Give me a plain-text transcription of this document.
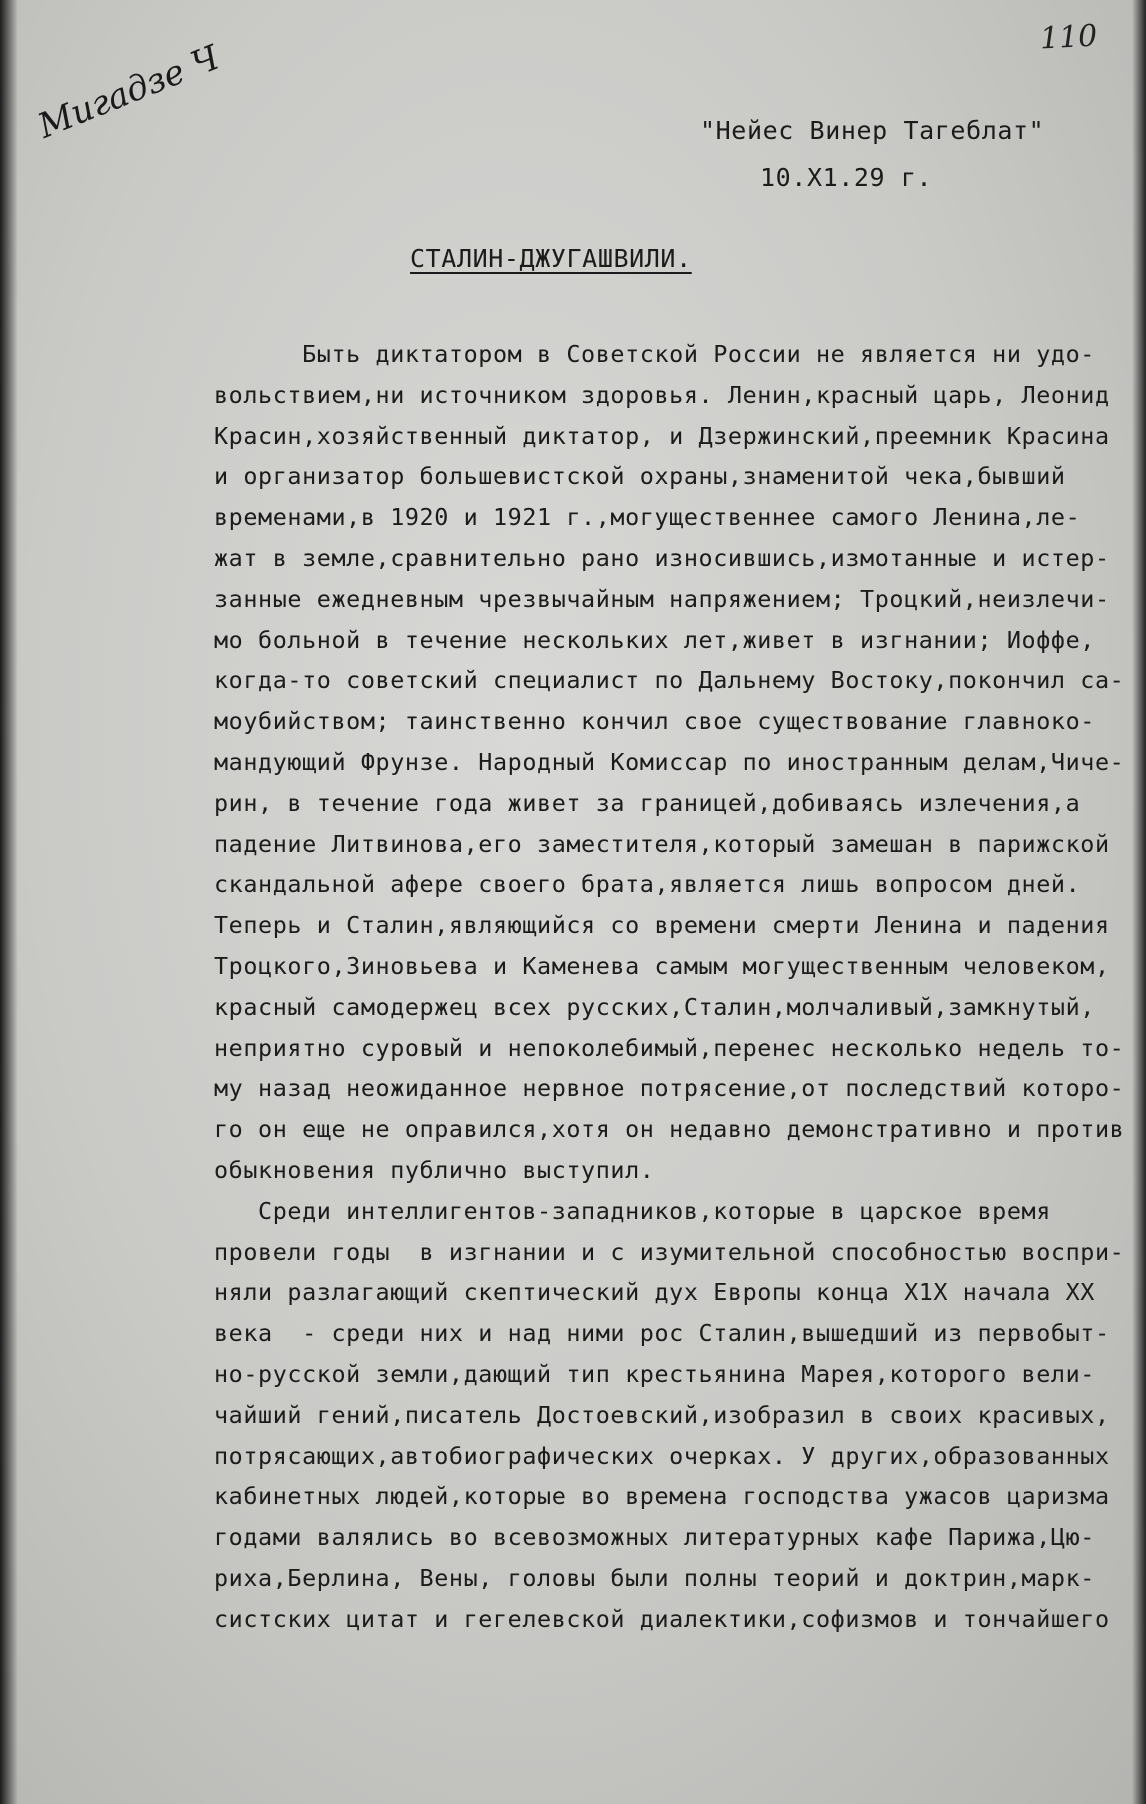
110
Мигадзе Ч	"Нейес Винер Тагеблат"
10.Х1.29 г.
СТАЛИН-ДЖУГАШВИЛИ.
Быть диктатором в Советской России не является ни удо-
вольствием,ни источником здоровья. Ленин,красный царь, Леонид
Красин,хозяйственный диктатор, и Дзержинский,преемник Красина
и организатор большевистской охраны,знаменитой чека,бывший
временами,в 1920 и 1921 г.,могущественнее самого Ленина,ле-
жат в земле,сравнительно рано износившись,измотанные и истер-
занные ежедневным чрезвычайным напряжением; Троцкий,неизлечи-
мо больной в течение нескольких лет,живет в изгнании; Иоффе,
когда-то советский специалист по Дальнему Востоку,покончил са-
моубийством; таинственно кончил свое существование главноко-
мандующий Фрунзе. Народный Комиссар по иностранным делам,Чиче-
рин, в течение года живет за границей,добиваясь излечения,а
падение Литвинова,его заместителя,который замешан в парижской
скандальной афере своего брата,является лишь вопросом дней.
Теперь и Сталин,являющийся со времени смерти Ленина и падения
Троцкого,Зиновьева и Каменева самым могущественным человеком,
красный самодержец всех русских,Сталин,молчаливый,замкнутый,
неприятно суровый и непоколебимый,перенес несколько недель то-
му назад неожиданное нервное потрясение,от последствий которо-
го он еще не оправился,хотя он недавно демонстративно и против
обыкновения публично выступил.
Среди интеллигентов-западников,которые в царское время
провели годы  в изгнании и с изумительной способностью воспри-
няли разлагающий скептический дух Европы конца Х1Х начала ХХ
века  - среди них и над ними рос Сталин,вышедший из первобыт-
но-русской земли,дающий тип крестьянина Марея,которого вели-
чайший гений,писатель Достоевский,изобразил в своих красивых,
потрясающих,автобиографических очерках. У других,образованных
кабинетных людей,которые во времена господства ужасов царизма
годами валялись во всевозможных литературных кафе Парижа,Цю-
риха,Берлина, Вены, головы были полны теорий и доктрин,марк-
систских цитат и гегелевской диалектики,софизмов и тончайшего
